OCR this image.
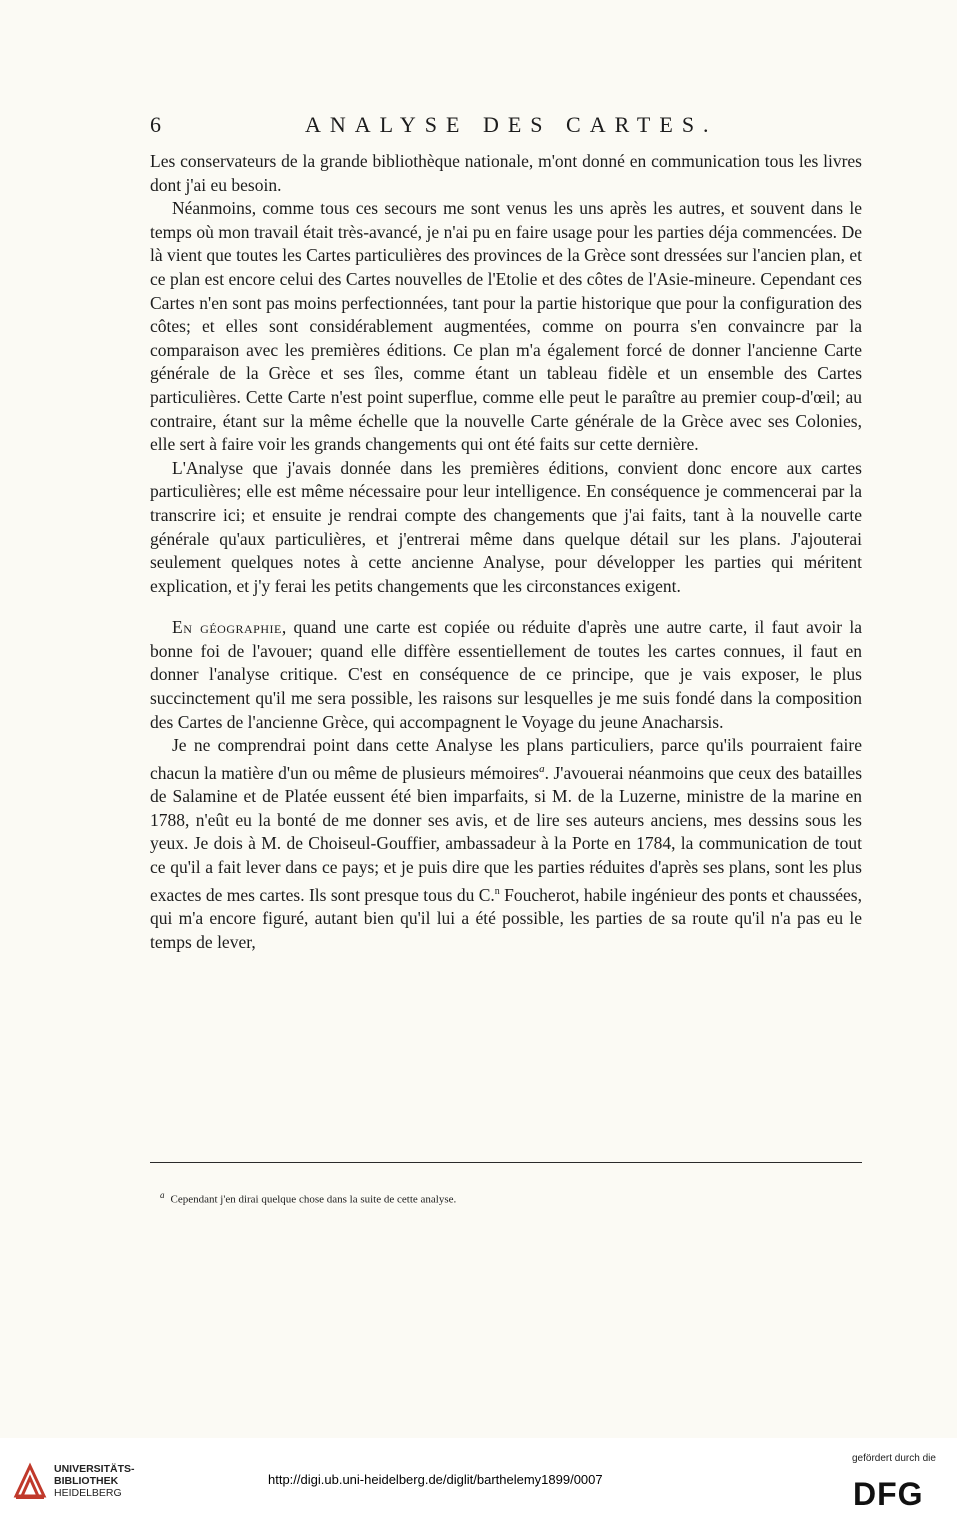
6	ANALYSE DES CARTES.

Les conservateurs de la grande bibliothèque nationale, m'ont donné en communication tous les livres dont j'ai eu besoin.

Néanmoins, comme tous ces secours me sont venus les uns après les autres, et souvent dans le temps où mon travail était très-avancé, je n'ai pu en faire usage pour les parties déja commencées. De là vient que toutes les Cartes particulières des provinces de la Grèce sont dressées sur l'ancien plan, et ce plan est encore celui des Cartes nouvelles de l'Etolie et des côtes de l'Asie-mineure. Cependant ces Cartes n'en sont pas moins perfectionnées, tant pour la partie historique que pour la configuration des côtes; et elles sont considérablement augmentées, comme on pourra s'en convaincre par la comparaison avec les premières éditions. Ce plan m'a également forcé de donner l'ancienne Carte générale de la Grèce et ses îles, comme étant un tableau fidèle et un ensemble des Cartes particulières. Cette Carte n'est point superflue, comme elle peut le paraître au premier coup-d'œil; au contraire, étant sur la même échelle que la nouvelle Carte générale de la Grèce avec ses Colonies, elle sert à faire voir les grands changements qui ont été faits sur cette dernière.

L'Analyse que j'avais donnée dans les premières éditions, convient donc encore aux cartes particulières; elle est même nécessaire pour leur intelligence. En conséquence je commencerai par la transcrire ici; et ensuite je rendrai compte des changements que j'ai faits, tant à la nouvelle carte générale qu'aux particulières, et j'entrerai même dans quelque détail sur les plans. J'ajouterai seulement quelques notes à cette ancienne Analyse, pour développer les parties qui méritent explication, et j'y ferai les petits changements que les circonstances exigent.

En géographie, quand une carte est copiée ou réduite d'après une autre carte, il faut avoir la bonne foi de l'avouer; quand elle diffère essentiellement de toutes les cartes connues, il faut en donner l'analyse critique. C'est en conséquence de ce principe, que je vais exposer, le plus succinctement qu'il me sera possible, les raisons sur lesquelles je me suis fondé dans la composition des Cartes de l'ancienne Grèce, qui accompagnent le Voyage du jeune Anacharsis.

Je ne comprendrai point dans cette Analyse les plans particuliers, parce qu'ils pourraient faire chacun la matière d'un ou même de plusieurs mémoires$^a$. J'avouerai néanmoins que ceux des batailles de Salamine et de Platée eussent été bien imparfaits, si M. de la Luzerne, ministre de la marine en 1788, n'eût eu la bonté de me donner ses avis, et de lire ses auteurs anciens, mes dessins sous les yeux. Je dois à M. de Choiseul-Gouffier, ambassadeur à la Porte en 1784, la communication de tout ce qu'il a fait lever dans ce pays; et je puis dire que les parties réduites d'après ses plans, sont les plus exactes de mes cartes. Ils sont presque tous du C.$^n$ Foucherot, habile ingénieur des ponts et chaussées, qui m'a encore figuré, autant bien qu'il lui a été possible, les parties de sa route qu'il n'a pas eu le temps de lever,

$^a$ Cependant j'en dirai quelque chose dans la suite de cette analyse.
UNIVERSITÄTS-
BIBLIOTHEK
HEIDELBERG
http://digi.ub.uni-heidelberg.de/diglit/barthelemy1899/0007
gefördert durch die
DFG
